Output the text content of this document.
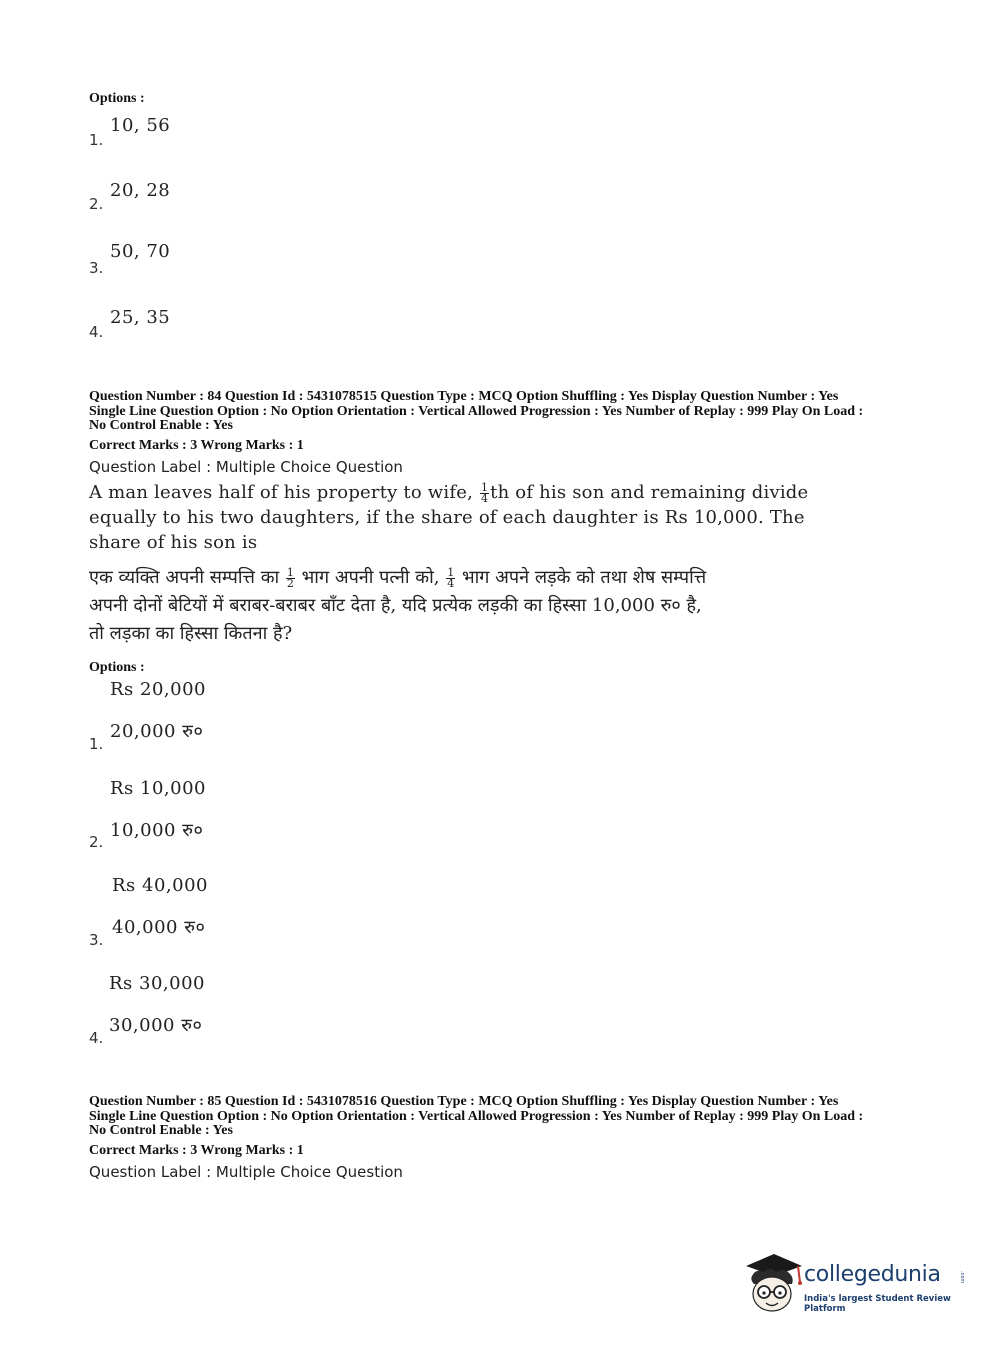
Options :
10, 56
1.
20, 28
2.
50, 70
3.
25, 35
4.
Question Number : 84 Question Id : 5431078515 Question Type : MCQ Option Shuffling : Yes Display Question Number : Yes
Single Line Question Option : No Option Orientation : Vertical Allowed Progression : Yes Number of Replay : 999 Play On Load :
No Control Enable : Yes
Correct Marks : 3 Wrong Marks : 1
Question Label : Multiple Choice Question
A man leaves half of his property to wife, $\frac{1}{4}$ th of his son and remaining divide
equally to his two daughters, if the share of each daughter is Rs 10,000. The
share of his son is
एक व्यक्ति अपनी सम्पत्ति का $\frac{1}{2}$ भाग अपनी पत्नी को, $\frac{1}{4}$ भाग अपने लड़के को तथा शेष सम्पत्ति
अपनी दोनों बेटियों में बराबर-बराबर बाँट देता है, यदि प्रत्येक लड़की का हिस्सा 10,000 रु० है,
तो लड़का का हिस्सा कितना है?
Options :
Rs 20,000
20,000 रु०
1.
Rs 10,000
10,000 रु०
2.
Rs 40,000
40,000 रु०
3.
Rs 30,000
30,000 रु०
4.
Question Number : 85 Question Id : 5431078516 Question Type : MCQ Option Shuffling : Yes Display Question Number : Yes
Single Line Question Option : No Option Orientation : Vertical Allowed Progression : Yes Number of Replay : 999 Play On Load :
No Control Enable : Yes
Correct Marks : 3 Wrong Marks : 1
Question Label : Multiple Choice Question
collegedunia	.com
India's largest Student Review Platform
